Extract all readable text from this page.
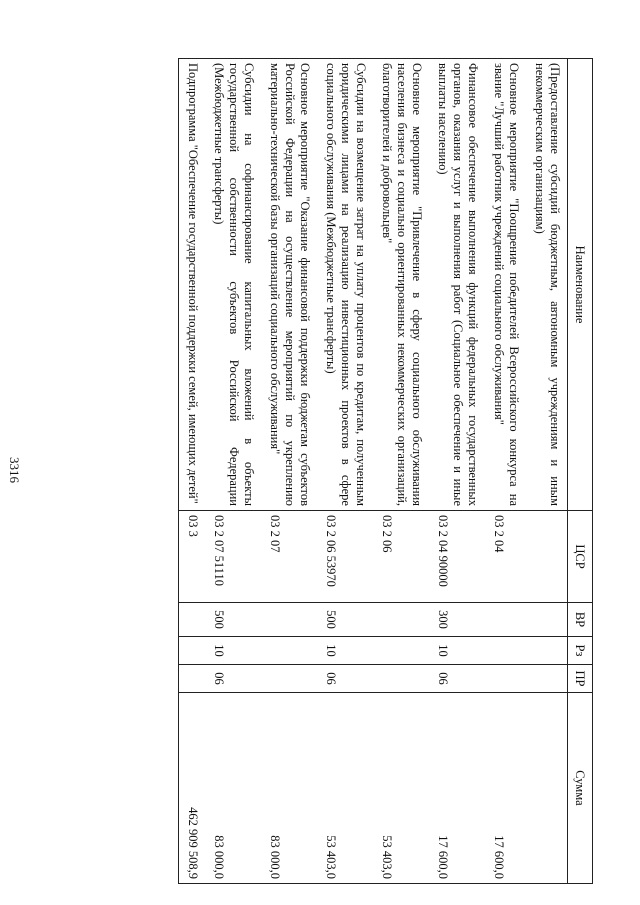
3316
Наименование	ЦСР	ВР	Рз	ПР	Сумма
(Предоставление субсидий бюджетным, автономным учреждениям и иным некоммерческим организациям)					
Основное мероприятие "Поощрение победителей Всероссийского конкурса на звание "Лучший работник учреждений социального обслуживания"	03 2 04				17 600,0
Финансовое обеспечение выполнения функций федеральных государственных органов, оказания услуг и выполнения работ (Социальное обеспечение и иные выплаты населению)	03 2 04 90000	300	10	06	17 600,0
Основное мероприятие "Привлечение в сферу социального обслуживания населения бизнеса и социально ориентированных некоммерческих организаций, благотворителей и добровольцев"	03 2 06				53 403,0
Субсидии на возмещение затрат на уплату процентов по кредитам, полученным юридическими лицами на реализацию инвестиционных проектов в сфере социального обслуживания (Межбюджетные трансферты)	03 2 06 53970	500	10	06	53 403,0
Основное мероприятие "Оказание финансовой поддержки бюджетам субъектов Российской Федерации на осуществление мероприятий по укреплению материально-технической базы организаций социального обслуживания"	03 2 07				83 000,0
Субсидии на софинансирование капитальных вложений в объекты государственной собственности субъектов Российской Федерации (Межбюджетные трансферты)	03 2 07 51110	500	10	06	83 000,0
Подпрограмма "Обеспечение государственной поддержки семей, имеющих детей"	03 3				462 909 508,9
